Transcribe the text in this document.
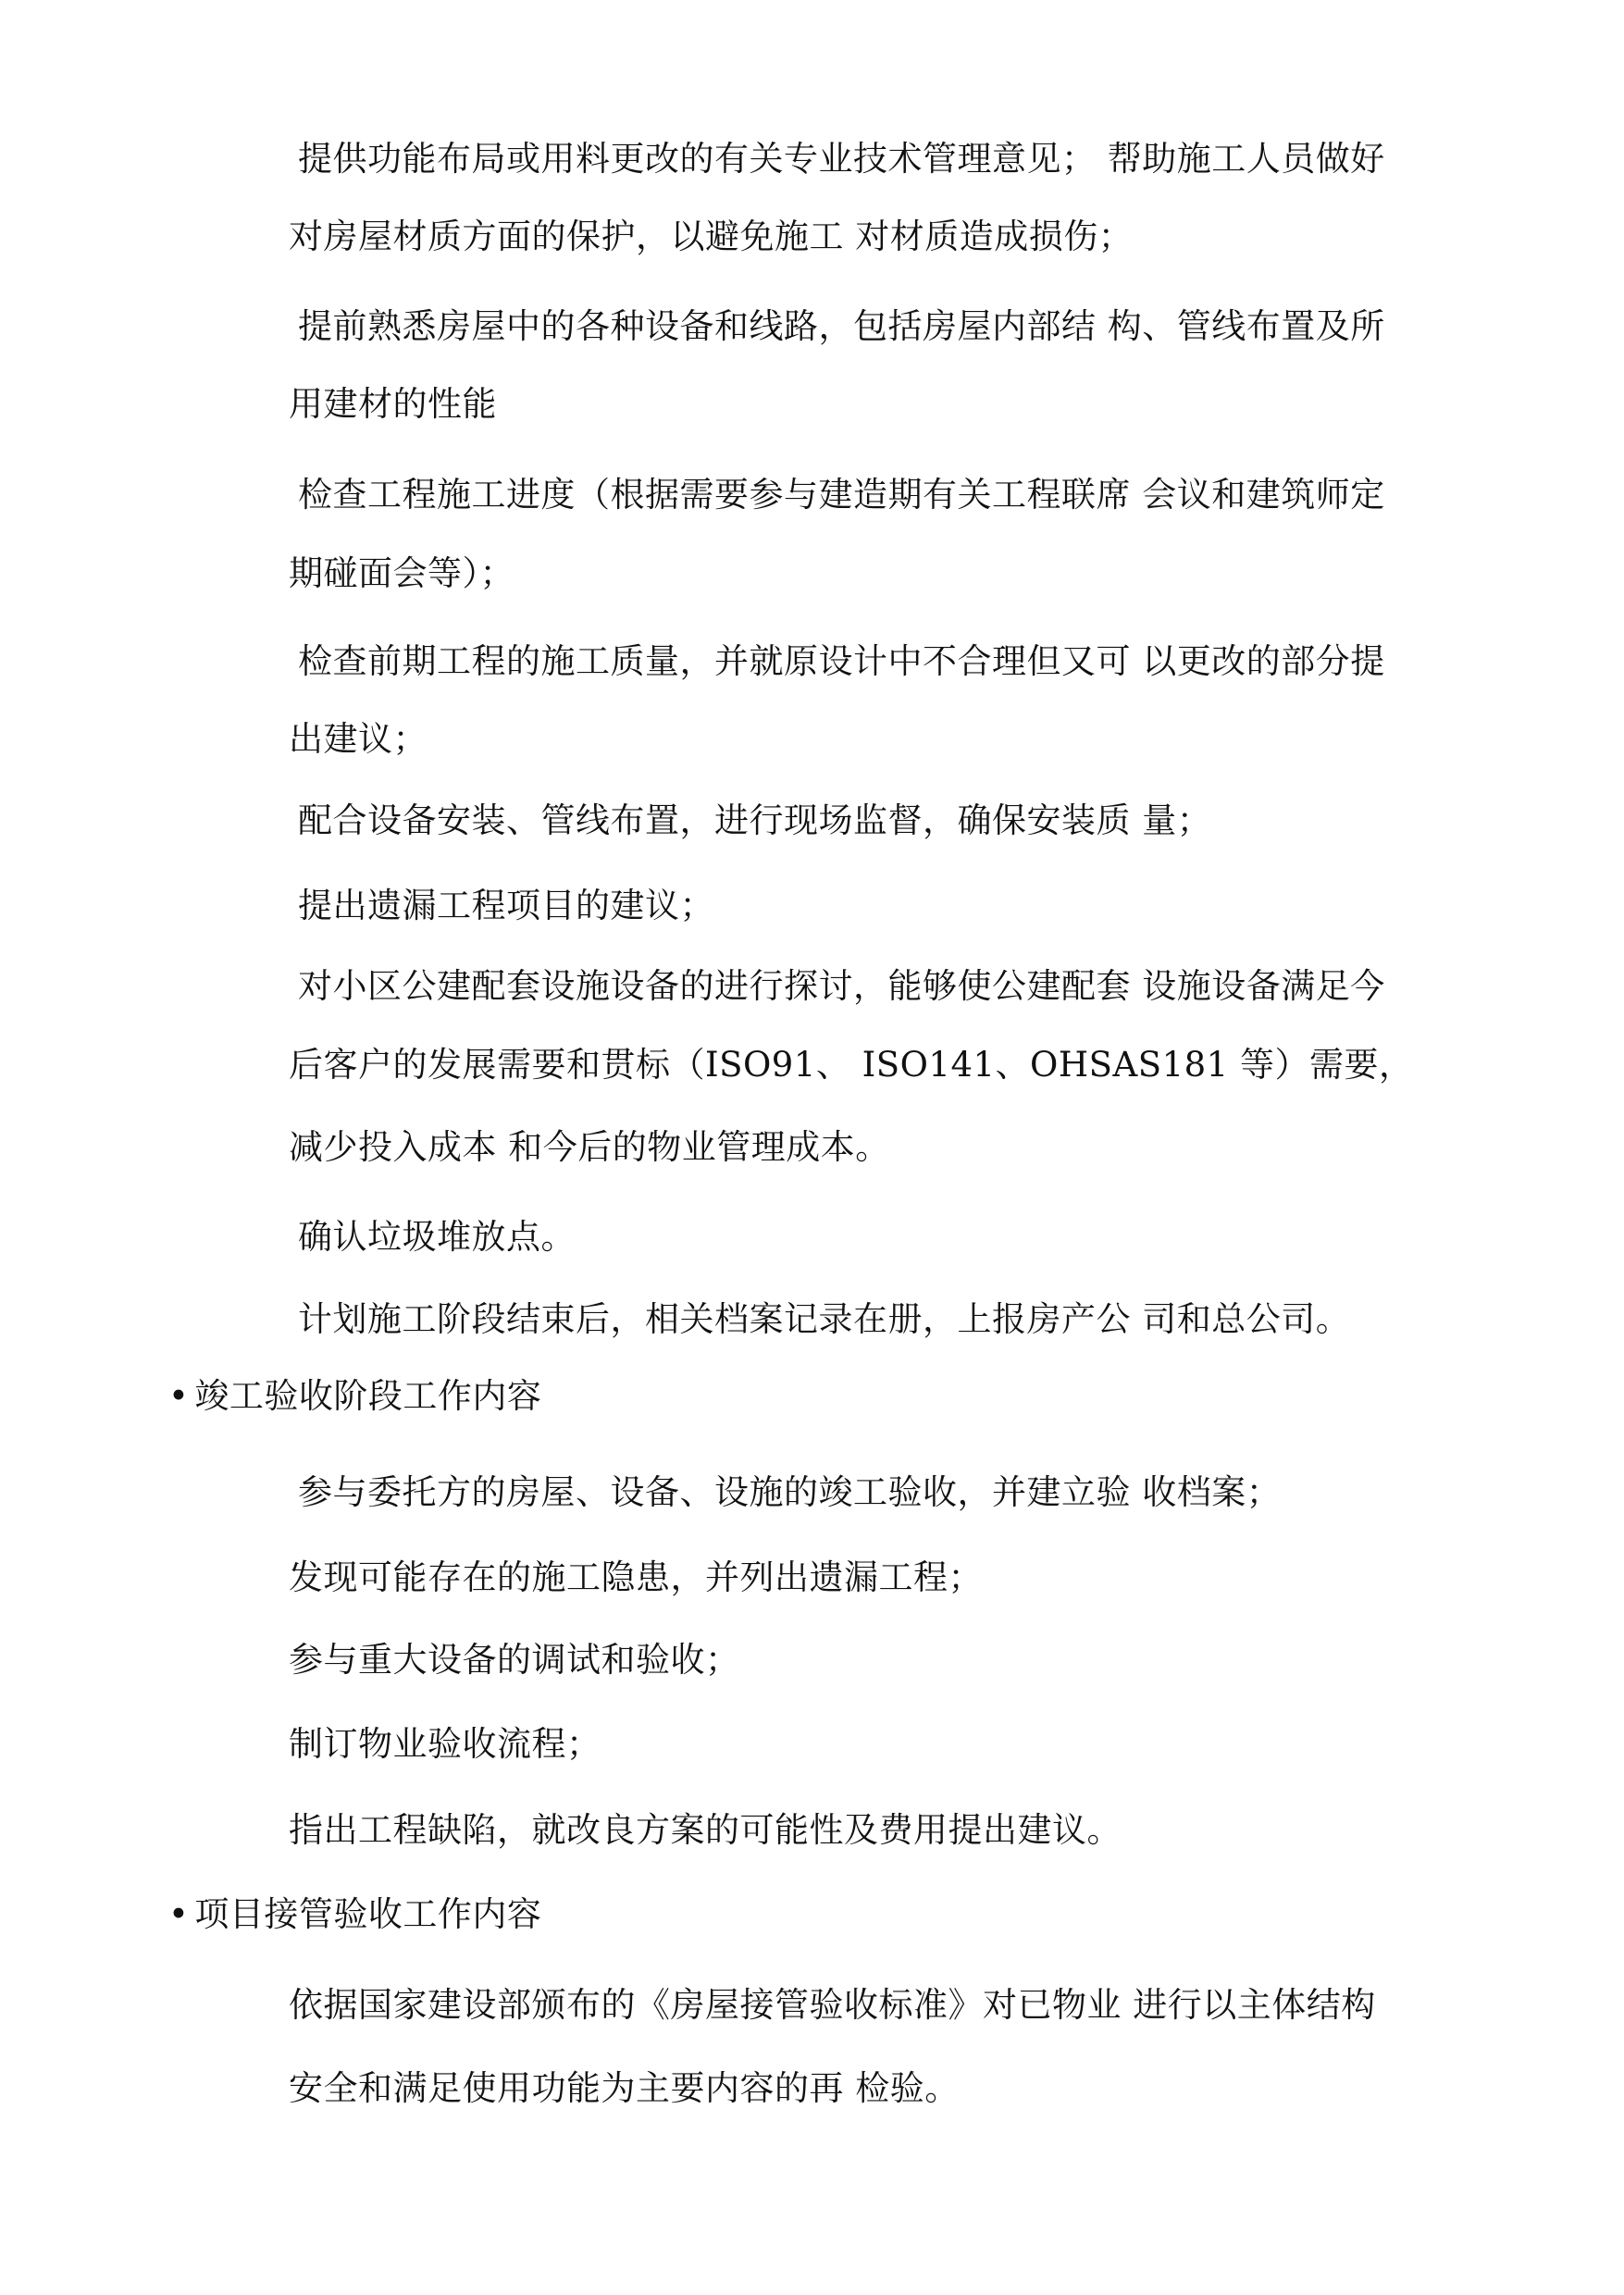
提供功能布局或用料更改的有关专业技术管理意见； 帮助施工人员做好
对房屋材质方面的保护，以避免施工 对材质造成损伤；
提前熟悉房屋中的各种设备和线路，包括房屋内部结 构、管线布置及所
用建材的性能
检查工程施工进度（根据需要参与建造期有关工程联席 会议和建筑师定
期碰面会等）；
检查前期工程的施工质量，并就原设计中不合理但又可 以更改的部分提
出建议；
配合设备安装、管线布置，进行现场监督，确保安装质 量；
提出遗漏工程项目的建议；
对小区公建配套设施设备的进行探讨，能够使公建配套 设施设备满足今
后客户的发展需要和贯标（ISO91、 ISO141、OHSAS181 等）需要，
减少投入成本 和今后的物业管理成本。
确认垃圾堆放点。
计划施工阶段结束后，相关档案记录在册，上报房产公 司和总公司。
• 竣工验收阶段工作内容
参与委托方的房屋、设备、设施的竣工验收，并建立验 收档案；
发现可能存在的施工隐患，并列出遗漏工程；
参与重大设备的调试和验收；
制订物业验收流程；
指出工程缺陷，就改良方案的可能性及费用提出建议。
• 项目接管验收工作内容
依据国家建设部颁布的《房屋接管验收标准》对已物业 进行以主体结构
安全和满足使用功能为主要内容的再 检验。
